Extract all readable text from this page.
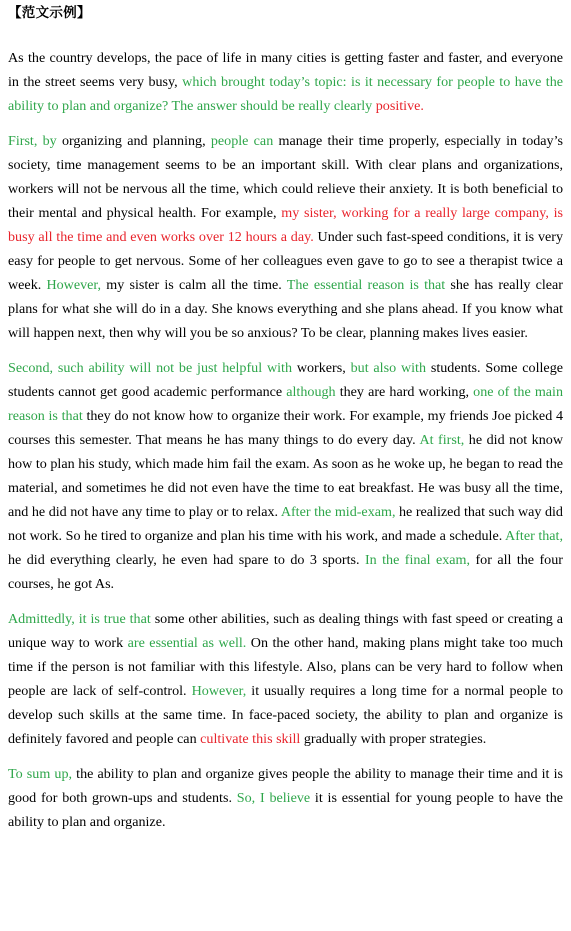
【范文示例】

As the country develops, the pace of life in many cities is getting faster and faster, and everyone in the street seems very busy, which brought today’s topic: is it necessary for people to have the ability to plan and organize? The answer should be really clearly positive.

First, by organizing and planning, people can manage their time properly, especially in today’s society, time management seems to be an important skill. With clear plans and organizations, workers will not be nervous all the time, which could relieve their anxiety. It is both beneficial to their mental and physical health. For example, my sister, working for a really large company, is busy all the time and even works over 12 hours a day. Under such fast-speed conditions, it is very easy for people to get nervous. Some of her colleagues even gave to go to see a therapist twice a week. However, my sister is calm all the time. The essential reason is that she has really clear plans for what she will do in a day. She knows everything and she plans ahead. If you know what will happen next, then why will you be so anxious? To be clear, planning makes lives easier.

Second, such ability will not be just helpful with workers, but also with students. Some college students cannot get good academic performance although they are hard working, one of the main reason is that they do not know how to organize their work. For example, my friends Joe picked 4 courses this semester. That means he has many things to do every day. At first, he did not know how to plan his study, which made him fail the exam. As soon as he woke up, he began to read the material, and sometimes he did not even have the time to eat breakfast. He was busy all the time, and he did not have any time to play or to relax. After the mid-exam, he realized that such way did not work. So he tired to organize and plan his time with his work, and made a schedule. After that, he did everything clearly, he even had spare to do 3 sports. In the final exam, for all the four courses, he got As.

Admittedly, it is true that some other abilities, such as dealing things with fast speed or creating a unique way to work are essential as well. On the other hand, making plans might take too much time if the person is not familiar with this lifestyle. Also, plans can be very hard to follow when people are lack of self-control. However, it usually requires a long time for a normal people to develop such skills at the same time. In face-paced society, the ability to plan and organize is definitely favored and people can cultivate this skill gradually with proper strategies.

To sum up, the ability to plan and organize gives people the ability to manage their time and it is good for both grown-ups and students. So, I believe it is essential for young people to have the ability to plan and organize.
